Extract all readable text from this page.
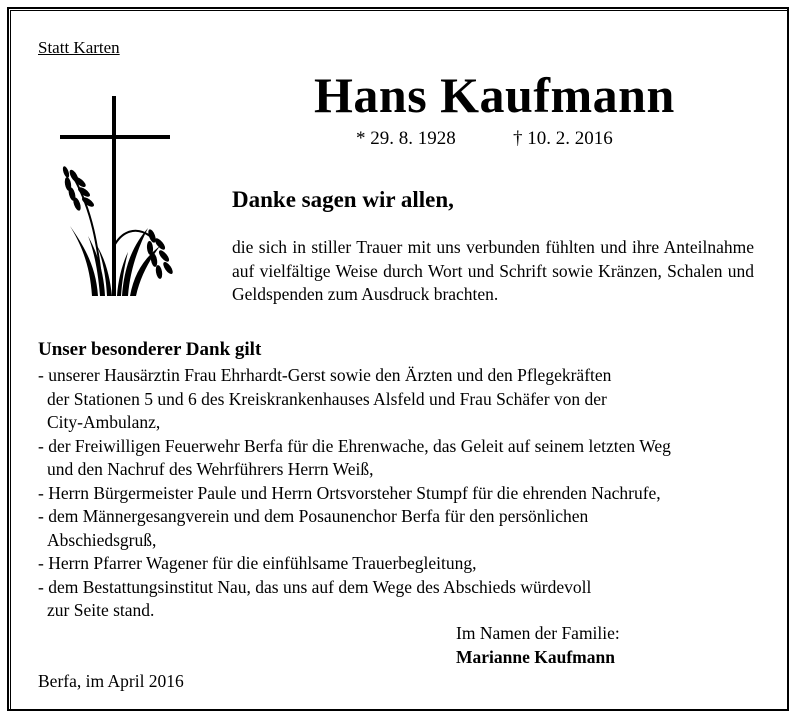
Statt Karten
Hans Kaufmann
* 29. 8. 1928	† 10. 2. 2016
Danke sagen wir allen,
die sich in stiller Trauer mit uns verbunden fühlten und ihre Anteilnahme auf vielfältige Weise durch Wort und Schrift sowie Kränzen, Schalen und Geldspenden zum Ausdruck brachten.
Unser besonderer Dank gilt
- unserer Hausärztin Frau Ehrhardt-Gerst sowie den Ärzten und den Pflegekräften
der Stationen 5 und 6 des Kreiskrankenhauses Alsfeld und Frau Schäfer von der
City-Ambulanz,
- der Freiwilligen Feuerwehr Berfa für die Ehrenwache, das Geleit auf seinem letzten Weg
und den Nachruf des Wehrführers Herrn Weiß,
- Herrn Bürgermeister Paule und Herrn Ortsvorsteher Stumpf für die ehrenden Nachrufe,
- dem Männergesangverein und dem Posaunenchor Berfa für den persönlichen
Abschiedsgruß,
- Herrn Pfarrer Wagener für die einfühlsame Trauerbegleitung,
- dem Bestattungsinstitut Nau, das uns auf dem Wege des Abschieds würdevoll
zur Seite stand.
Im Namen der Familie:
Marianne Kaufmann
Berfa, im April 2016
